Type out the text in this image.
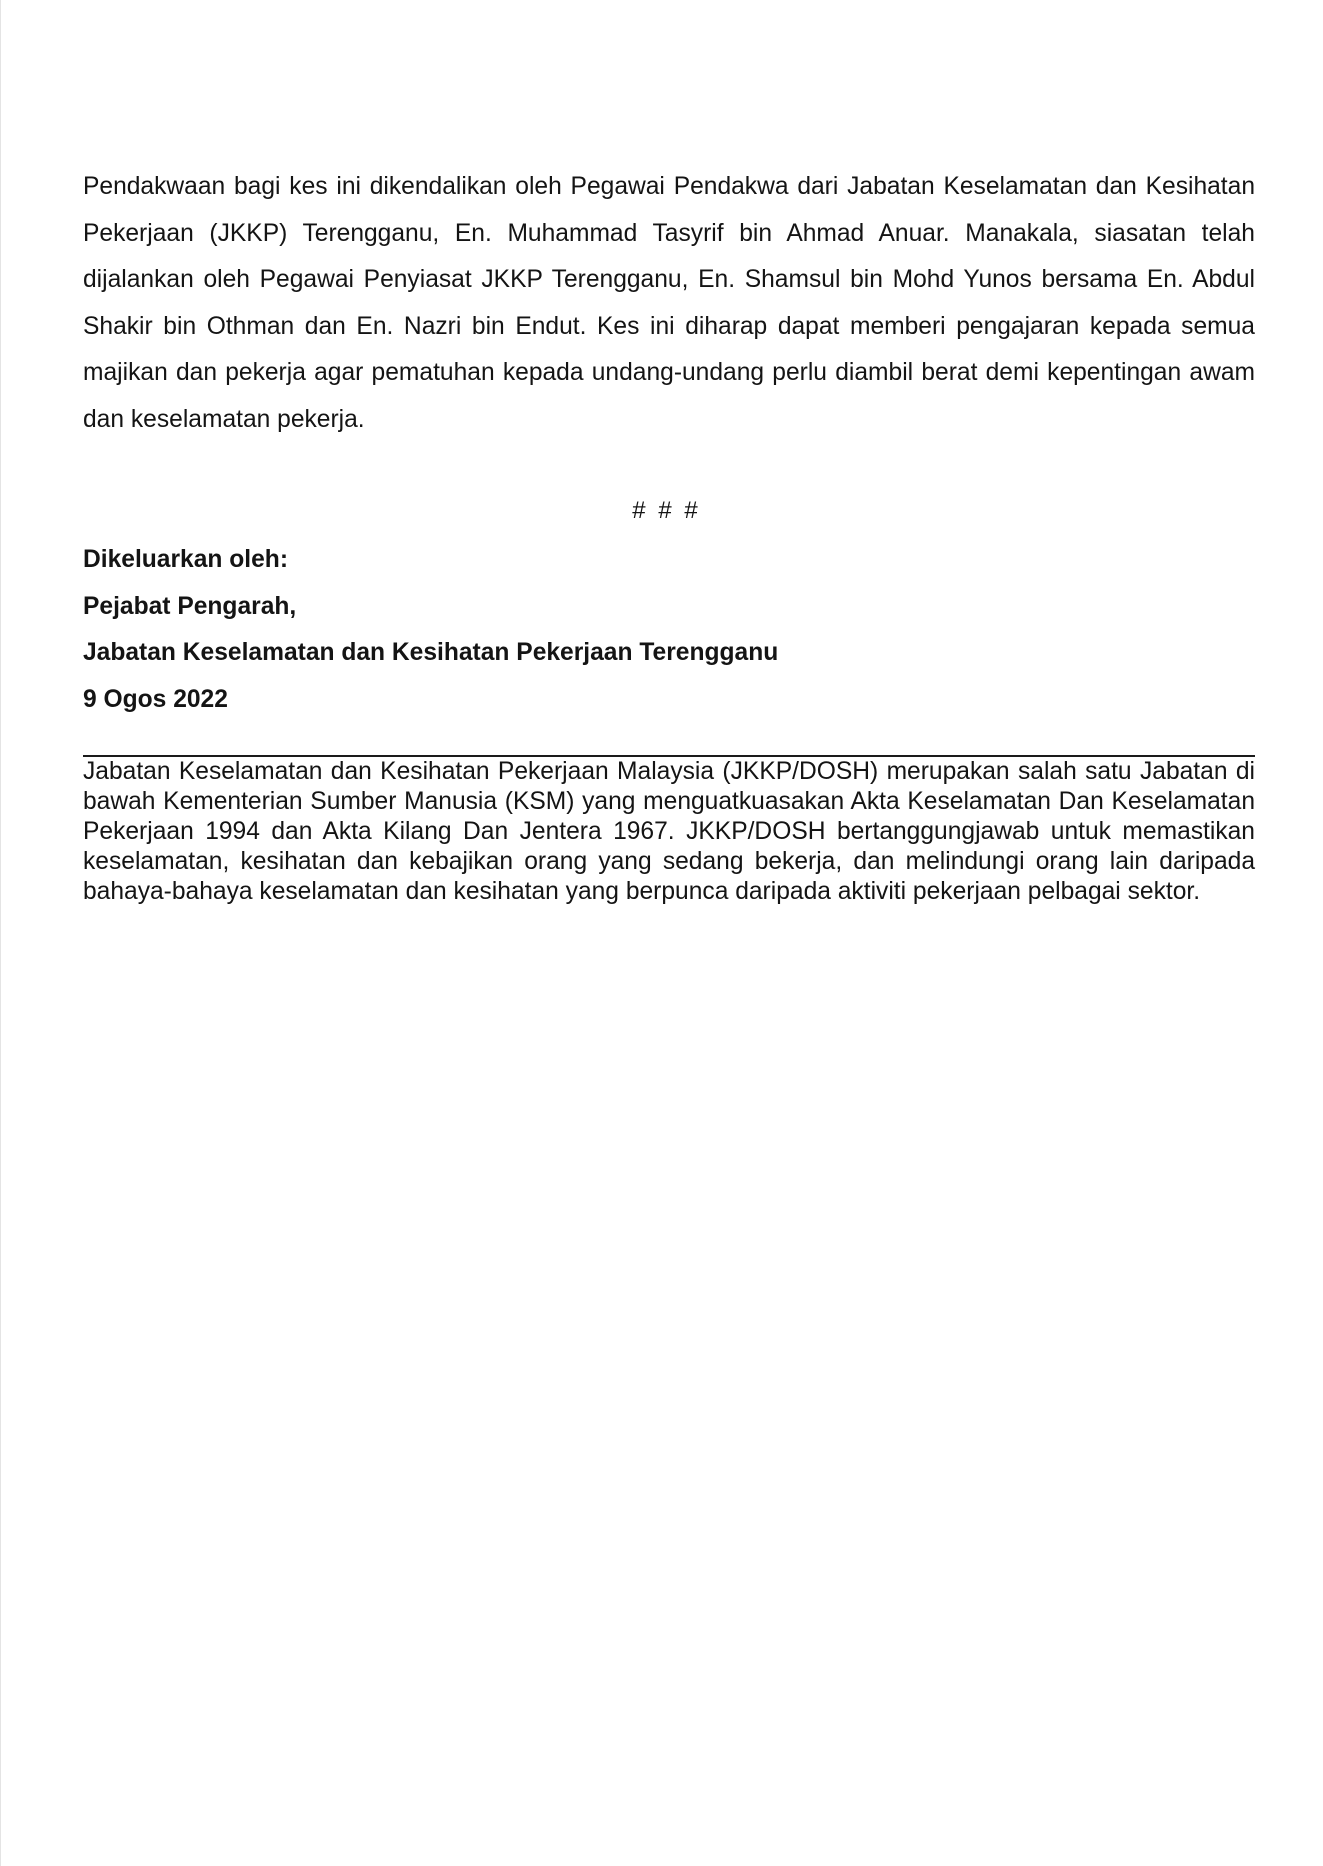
Pendakwaan bagi kes ini dikendalikan oleh Pegawai Pendakwa dari Jabatan Keselamatan dan Kesihatan Pekerjaan (JKKP) Terengganu, En. Muhammad Tasyrif bin Ahmad Anuar. Manakala, siasatan telah dijalankan oleh Pegawai Penyiasat JKKP Terengganu, En. Shamsul bin Mohd Yunos bersama En. Abdul Shakir bin Othman dan En. Nazri bin Endut. Kes ini diharap dapat memberi pengajaran kepada semua majikan dan pekerja agar pematuhan kepada undang-undang perlu diambil berat demi kepentingan awam dan keselamatan pekerja.

# # #
Dikeluarkan oleh:
Pejabat Pengarah,
Jabatan Keselamatan dan Kesihatan Pekerjaan Terengganu
9 Ogos 2022

Jabatan Keselamatan dan Kesihatan Pekerjaan Malaysia (JKKP/DOSH) merupakan salah satu Jabatan di bawah Kementerian Sumber Manusia (KSM) yang menguatkuasakan Akta Keselamatan Dan Keselamatan Pekerjaan 1994 dan Akta Kilang Dan Jentera 1967. JKKP/DOSH bertanggungjawab untuk memastikan keselamatan, kesihatan dan kebajikan orang yang sedang bekerja, dan melindungi orang lain daripada bahaya-bahaya keselamatan dan kesihatan yang berpunca daripada aktiviti pekerjaan pelbagai sektor.
